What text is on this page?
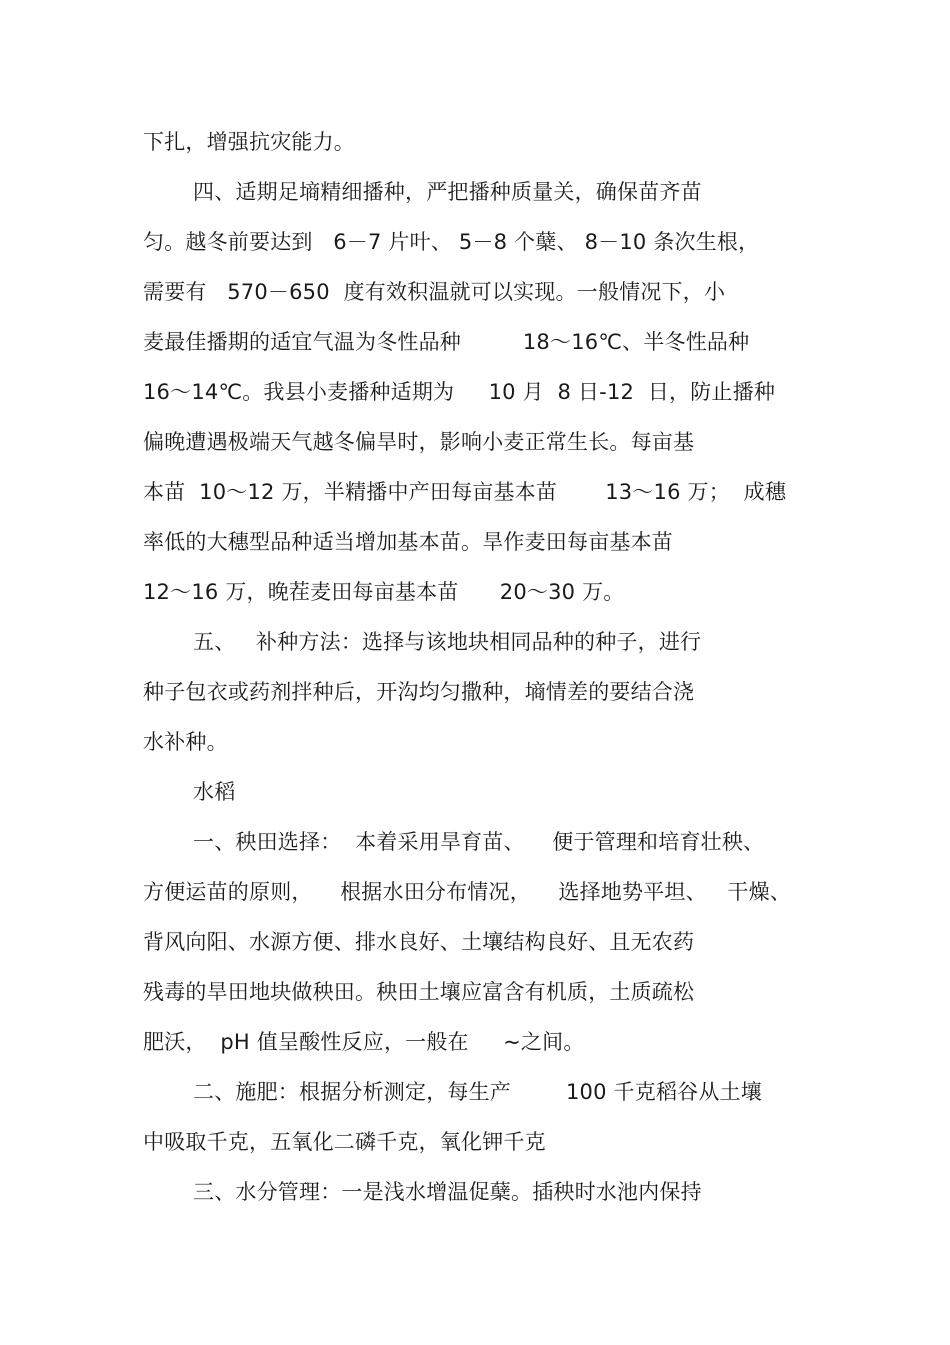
下扎，增强抗灾能力。
四、适期足墒精细播种，严把播种质量关，确保苗齐苗
匀。越冬前要达到   6－7 片叶、 5－8 个蘖、 8－10 条次生根，
需要有   570－650  度有效积温就可以实现。一般情况下，小
麦最佳播期的适宜气温为冬性品种         18～16℃、半冬性品种
16～14℃。我县小麦播种适期为     10 月  8 日-12  日，防止播种
偏晚遭遇极端天气越冬偏旱时，影响小麦正常生长。每亩基
本苗  10～12 万，半精播中产田每亩基本苗       13～16 万；  成穗
率低的大穗型品种适当增加基本苗。旱作麦田每亩基本苗
12～16 万，晚茬麦田每亩基本苗      20～30 万。
五、   补种方法：选择与该地块相同品种的种子，进行
种子包衣或药剂拌种后，开沟均匀撒种，墒情差的要结合浇
水补种。
水稻
一、秧田选择：  本着采用旱育苗、    便于管理和培育壮秧、
方便运苗的原则，    根据水田分布情况，    选择地势平坦、   干燥、
背风向阳、水源方便、排水良好、土壤结构良好、且无农药
残毒的旱田地块做秧田。秧田土壤应富含有机质，土质疏松
肥沃，  pH 值呈酸性反应，一般在     ~之间。
二、施肥：根据分析测定，每生产        100 千克稻谷从土壤
中吸取千克，五氧化二磷千克，氧化钾千克
三、水分管理：一是浅水增温促蘖。插秧时水池内保持
